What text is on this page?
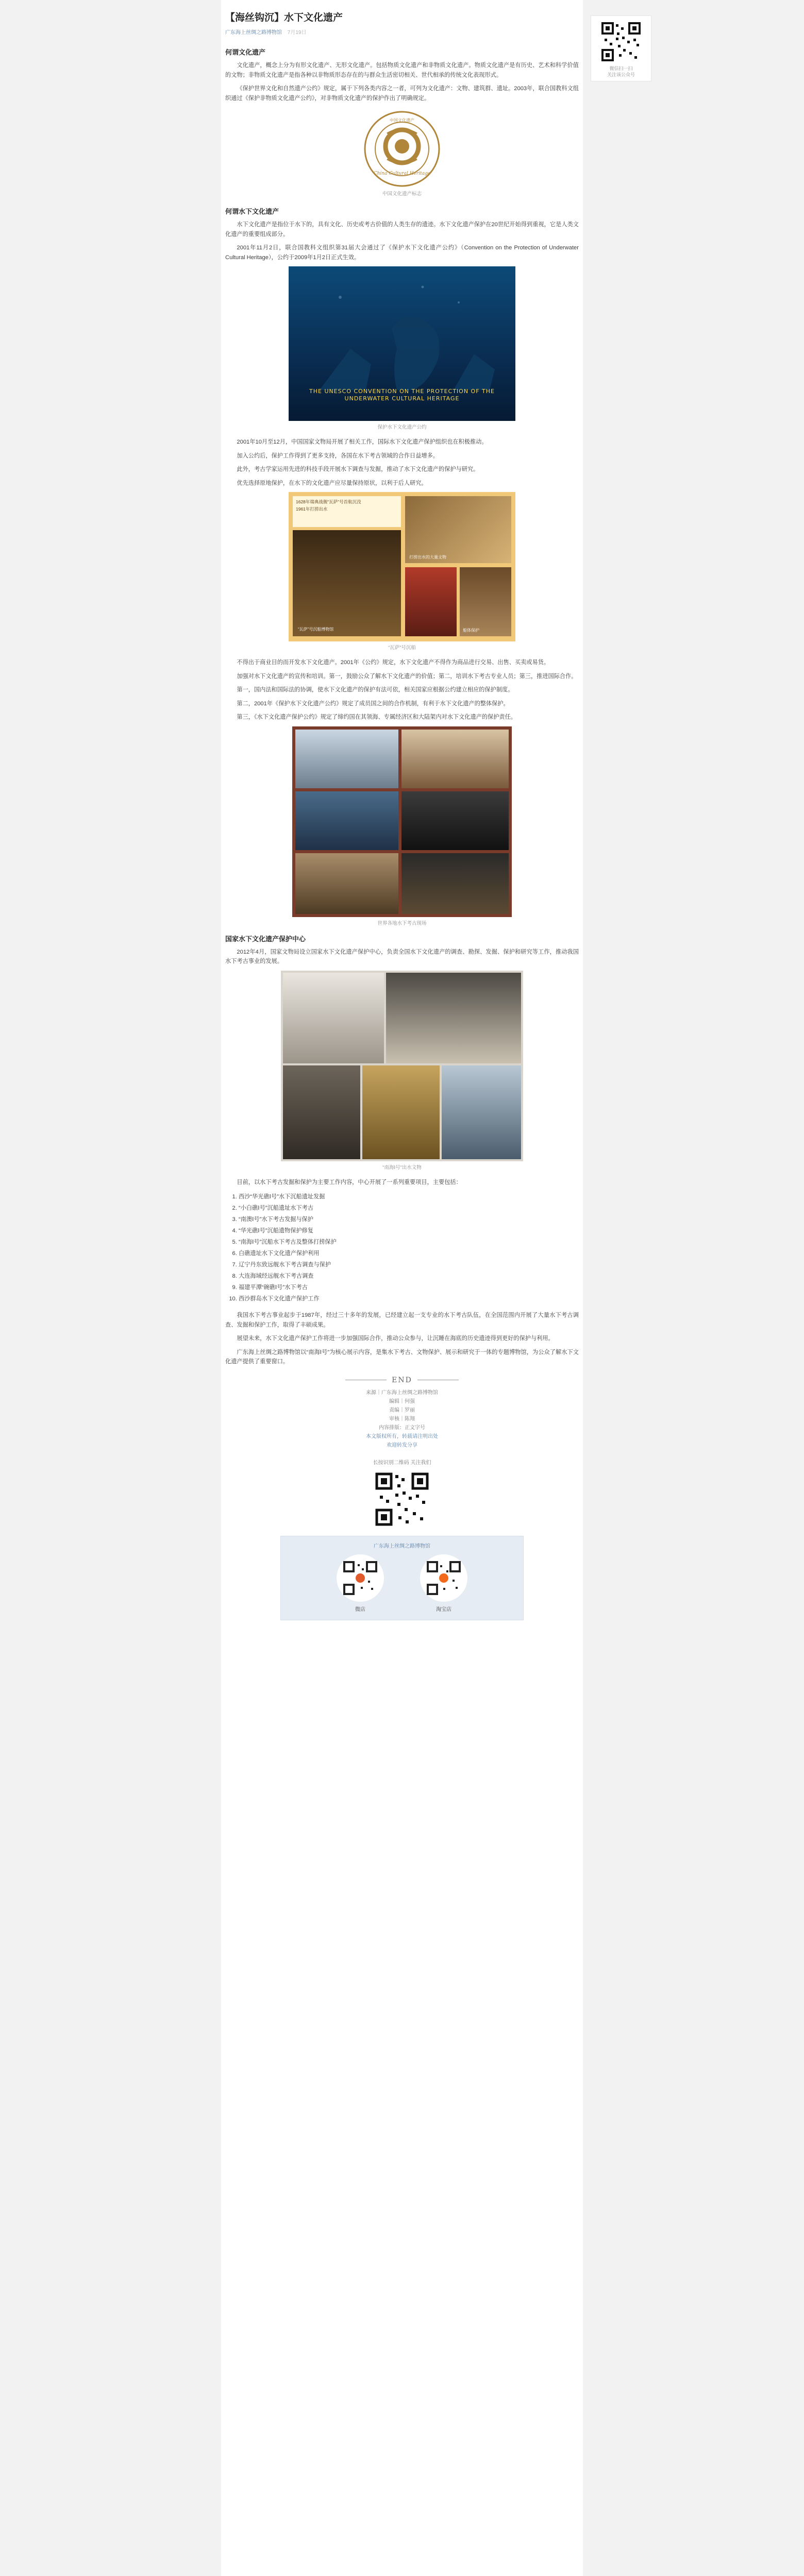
【海丝钩沉】水下文化遗产
广东海上丝绸之路博物馆 7月19日
何谓文化遗产

文化遗产，概念上分为有形文化遗产、无形文化遗产。包括物质文化遗产和非物质文化遗产。物质文化遗产是有历史、艺术和科学价值的文物；非物质文化遗产是指各种以非物质形态存在的与群众生活密切相关、世代相承的传统文化表现形式。

《保护世界文化和自然遗产公约》规定，属于下列各类内容之一者，可列为文化遗产：文物、建筑群、遗址。2003年，联合国教科文组织通过《保护非物质文化遗产公约》，对非物质文化遗产的保护作出了明确规定。

中国文化遗产
China Cultural Heritage
中国文化遗产标志
何谓水下文化遗产

水下文化遗产是指位于水下的，具有文化、历史或考古价值的人类生存的遗迹。水下文化遗产保护在20世纪开始得到重视，它是人类文化遗产的重要组成部分。

2001年11月2日，联合国教科文组织第31届大会通过了《保护水下文化遗产公约》（Convention on the Protection of Underwater Cultural Heritage），公约于2009年1月2日正式生效。

THE UNESCO CONVENTION ON THE PROTECTION OF THE UNDERWATER CULTURAL HERITAGE
保护水下文化遗产公约

2001年10月至12月，中国国家文物局开展了相关工作，国际水下文化遗产保护组织也在积极推动。

加入公约后，保护工作得到了更多支持，各国在水下考古领域的合作日益增多。

此外，考古学家运用先进的科技手段开展水下调查与发掘，推动了水下文化遗产的保护与研究。

优先选择原地保护，在水下的文化遗产应尽量保持原状，以利于后人研究。

1628年瑞典战舰“瓦萨”号首航沉没
1961年打捞出水
“瓦萨”号沉船博物馆
打捞出水的大量文物
船体保护
“瓦萨”号沉船

不得出于商业目的而开发水下文化遗产。2001年《公约》规定，水下文化遗产不得作为商品进行交易、出售、买卖或易货。

加强对水下文化遗产的宣传和培训。第一，鼓励公众了解水下文化遗产的价值；第二，培训水下考古专业人员；第三，推进国际合作。

第一，国内法和国际法的协调，使水下文化遗产的保护有法可依，相关国家应根据公约建立相应的保护制度。

第二，2001年《保护水下文化遗产公约》规定了成员国之间的合作机制，有利于水下文化遗产的整体保护。

第三，《水下文化遗产保护公约》规定了缔约国在其领海、专属经济区和大陆架内对水下文化遗产的保护责任。

世界各地水下考古现场
国家水下文化遗产保护中心

2012年4月，国家文物局设立国家水下文化遗产保护中心，负责全国水下文化遗产的调查、勘探、发掘、保护和研究等工作，推动我国水下考古事业的发展。

“南海Ⅰ号”出水文物

目前，以水下考古发掘和保护为主要工作内容，中心开展了一系列重要项目，主要包括：

1. 西沙“华光礁Ⅰ号”水下沉船遗址发掘
2. “小白礁Ⅰ号”沉船遗址水下考古
3. “南澳Ⅰ号”水下考古发掘与保护
4. “华光礁Ⅰ号”沉船遗物保护修复
5. “南海Ⅰ号”沉船水下考古及整体打捞保护
6. 白礁遗址水下文化遗产保护利用
7. 辽宁丹东致远舰水下考古调查与保护
8. 大连海域经远舰水下考古调查
9. 福建平潭“碗礁Ⅰ号”水下考古
10. 西沙群岛水下文化遗产保护工作

我国水下考古事业起步于1987年，经过三十多年的发展，已经建立起一支专业的水下考古队伍，在全国范围内开展了大量水下考古调查、发掘和保护工作，取得了丰硕成果。

展望未来，水下文化遗产保护工作将进一步加强国际合作，推动公众参与，让沉睡在海底的历史遗迹得到更好的保护与利用。

广东海上丝绸之路博物馆以“南海Ⅰ号”为核心展示内容，是集水下考古、文物保护、展示和研究于一体的专题博物馆，为公众了解水下文化遗产提供了重要窗口。

END
来源｜广东海上丝绸之路博物馆
编辑｜何强
责编｜罗丽
审核｜陈翔
内容排版：正文字号
本文版权所有，转载请注明出处
欢迎转发分享
长按识别二维码 关注我们
广东海上丝绸之路博物馆
微店	淘宝店
微信扫一扫
关注该公众号
